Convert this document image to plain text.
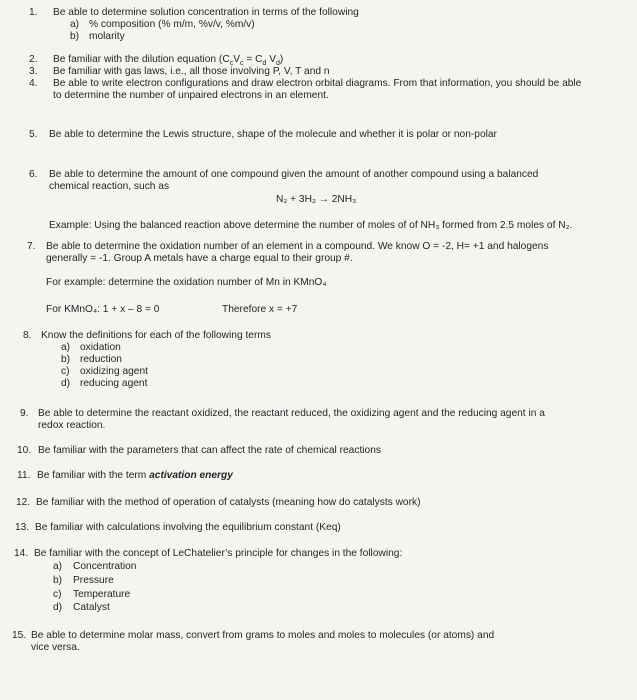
1. Be able to determine solution concentration in terms of the following
a) % composition (% m/m, %v/v, %m/v)
b) molarity
2. Be familiar with the dilution equation ($C_cV_c = C_d$ $V_d$)
3. Be familiar with gas laws, i.e., all those involving P, V, T and n
4. Be able to write electron configurations and draw electron orbital diagrams. From that information, you should be able
to determine the number of unpaired electrons in an element.
5. Be able to determine the Lewis structure, shape of the molecule and whether it is polar or non-polar
6. Be able to determine the amount of one compound given the amount of another compound using a balanced
chemical reaction, such as
N₂ + 3H₂ → 2NH₃
Example: Using the balanced reaction above determine the number of moles of of NH₃ formed from 2.5 moles of N₂.
7. Be able to determine the oxidation number of an element in a compound. We know O = -2, H= +1 and halogens
generally = -1. Group A metals have a charge equal to their group #.
For example: determine the oxidation number of Mn in KMnO₄
For KMnO₄: 1 + x – 8 = 0	Therefore x = +7
8. Know the definitions for each of the following terms
a) oxidation
b) reduction
c) oxidizing agent
d) reducing agent
9. Be able to determine the reactant oxidized, the reactant reduced, the oxidizing agent and the reducing agent in a
redox reaction.
10. Be familiar with the parameters that can affect the rate of chemical reactions
11. Be familiar with the term activation energy
12. Be familiar with the method of operation of catalysts (meaning how do catalysts work)
13. Be familiar with calculations involving the equilibrium constant (Keq)
14. Be familiar with the concept of LeChatelier’s principle for changes in the following:
a) Concentration
b) Pressure
c) Temperature
d) Catalyst
15. Be able to determine molar mass, convert from grams to moles and moles to molecules (or atoms) and
vice versa.
